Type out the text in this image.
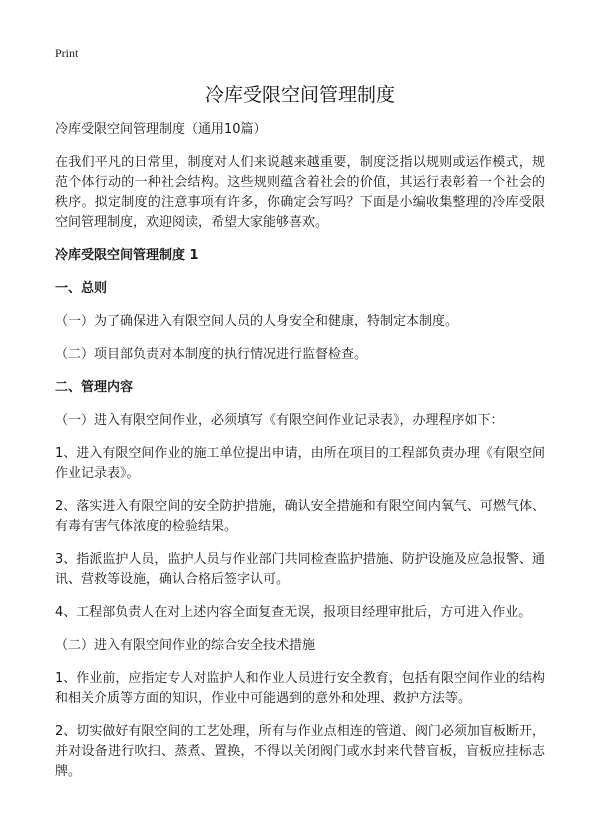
Print
冷库受限空间管理制度

冷库受限空间管理制度（通用10篇）

在我们平凡的日常里，制度对人们来说越来越重要，制度泛指以规则或运作模式，规范个体行动的一种社会结构。这些规则蕴含着社会的价值，其运行表彰着一个社会的秩序。拟定制度的注意事项有许多，你确定会写吗？下面是小编收集整理的冷库受限空间管理制度，欢迎阅读，希望大家能够喜欢。

冷库受限空间管理制度 1

一、总则

（一）为了确保进入有限空间人员的人身安全和健康，特制定本制度。

（二）项目部负责对本制度的执行情况进行监督检查。

二、管理内容

（一）进入有限空间作业，必须填写《有限空间作业记录表》，办理程序如下：

1、进入有限空间作业的施工单位提出申请，由所在项目的工程部负责办理《有限空间作业记录表》。

2、落实进入有限空间的安全防护措施，确认安全措施和有限空间内氧气、可燃气体、有毒有害气体浓度的检验结果。

3、指派监护人员，监护人员与作业部门共同检查监护措施、防护设施及应急报警、通讯、营救等设施，确认合格后签字认可。

4、工程部负责人在对上述内容全面复查无误，报项目经理审批后，方可进入作业。

（二）进入有限空间作业的综合安全技术措施

1、作业前，应指定专人对监护人和作业人员进行安全教育，包括有限空间作业的结构和相关介质等方面的知识，作业中可能遇到的意外和处理、救护方法等。

2、切实做好有限空间的工艺处理，所有与作业点相连的管道、阀门必须加盲板断开，并对设备进行吹扫、蒸煮、置换，不得以关闭阀门或水封来代替盲板，盲板应挂标志牌。
